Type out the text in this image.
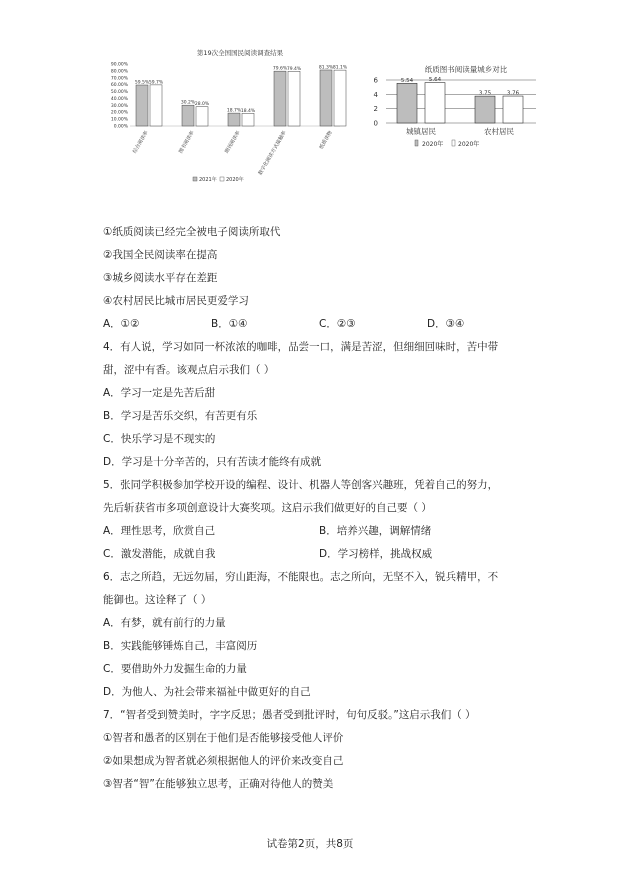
第19次全国国民阅读调查结果
90.00%
80.00%
70.00%
60.00%
50.00%
40.00%
30.00%
20.00%
10.00%
0.00%
59.5% 59.7%
30.2% 28.0%
18.7% 18.4%
79.6% 79.4%	81.3% 81.1%
综合阅读率	图书阅读率	期刊阅读率	数字化阅读方式接触率	纸质读物
2021年 2020年
纸质图书阅读量城乡对比
6
4
2
0
5.54	5.64
3.75	3.76
城镇居民	农村居民
2020年 2020年
①纸质阅读已经完全被电子阅读所取代
②我国全民阅读率在提高
③城乡阅读水平存在差距
④农村居民比城市居民更爱学习
A．①②	B．①④	C．②③	D．③④
4．有人说，学习如同一杯浓浓的咖啡，品尝一口，满是苦涩，但细细回味时，苦中带
甜，涩中有香。该观点启示我们（ ）
A．学习一定是先苦后甜
B．学习是苦乐交织，有苦更有乐
C．快乐学习是不现实的
D．学习是十分辛苦的，只有苦读才能终有成就
5．张同学积极参加学校开设的编程、设计、机器人等创客兴趣班，凭着自己的努力，
先后斩获省市多项创意设计大赛奖项。这启示我们做更好的自己要（ ）
A．理性思考，欣赏自己	B．培养兴趣，调解情绪
C．激发潜能，成就自我	D．学习榜样，挑战权威
6．志之所趋，无远勿届，穷山距海，不能限也。志之所向，无坚不入，锐兵精甲，不
能御也。这诠释了（ ）
A．有梦，就有前行的力量
B．实践能够锤炼自己，丰富阅历
C．要借助外力发掘生命的力量
D．为他人、为社会带来福祉中做更好的自己
7．“智者受到赞美时，字字反思；愚者受到批评时，句句反驳。”这启示我们（ ）
①智者和愚者的区别在于他们是否能够接受他人评价
②如果想成为智者就必须根据他人的评价来改变自己
③智者“智”在能够独立思考，正确对待他人的赞美
试卷第2页，共8页
